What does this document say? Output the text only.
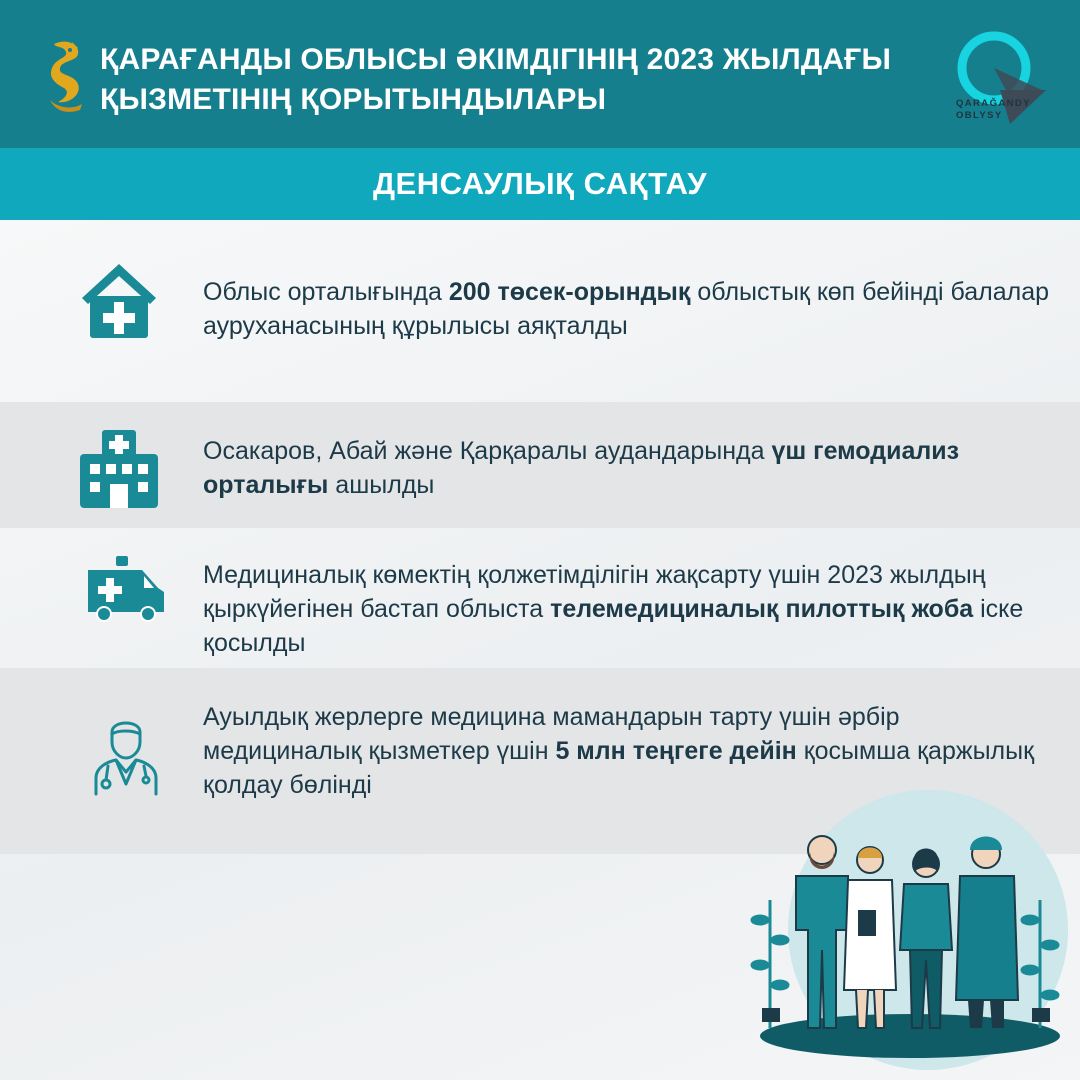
ҚАРАҒАНДЫ ОБЛЫСЫ ӘКІМДІГІНІҢ 2023 ЖЫЛДАҒЫ
ҚЫЗМЕТІНІҢ ҚОРЫТЫНДЫЛАРЫ	QARAĞANDY
OBLYSY
ДЕНСАУЛЫҚ САҚТАУ

Облыс орталығында 200 төсек-орындық облыстық көп бейінді балалар ауруханасының құрылысы аяқталды

Осакаров, Абай және Қарқаралы аудандарында үш гемодиализ орталығы ашылды

Медициналық көмектің қолжетімділігін жақсарту үшін 2023 жылдың қыркүйегінен бастап облыста телемедициналық пилоттық жоба іске қосылды

Ауылдық жерлерге медицина мамандарын тарту үшін әрбір медициналық қызметкер үшін 5 млн теңгеге дейін қосымша қаржылық қолдау бөлінді
